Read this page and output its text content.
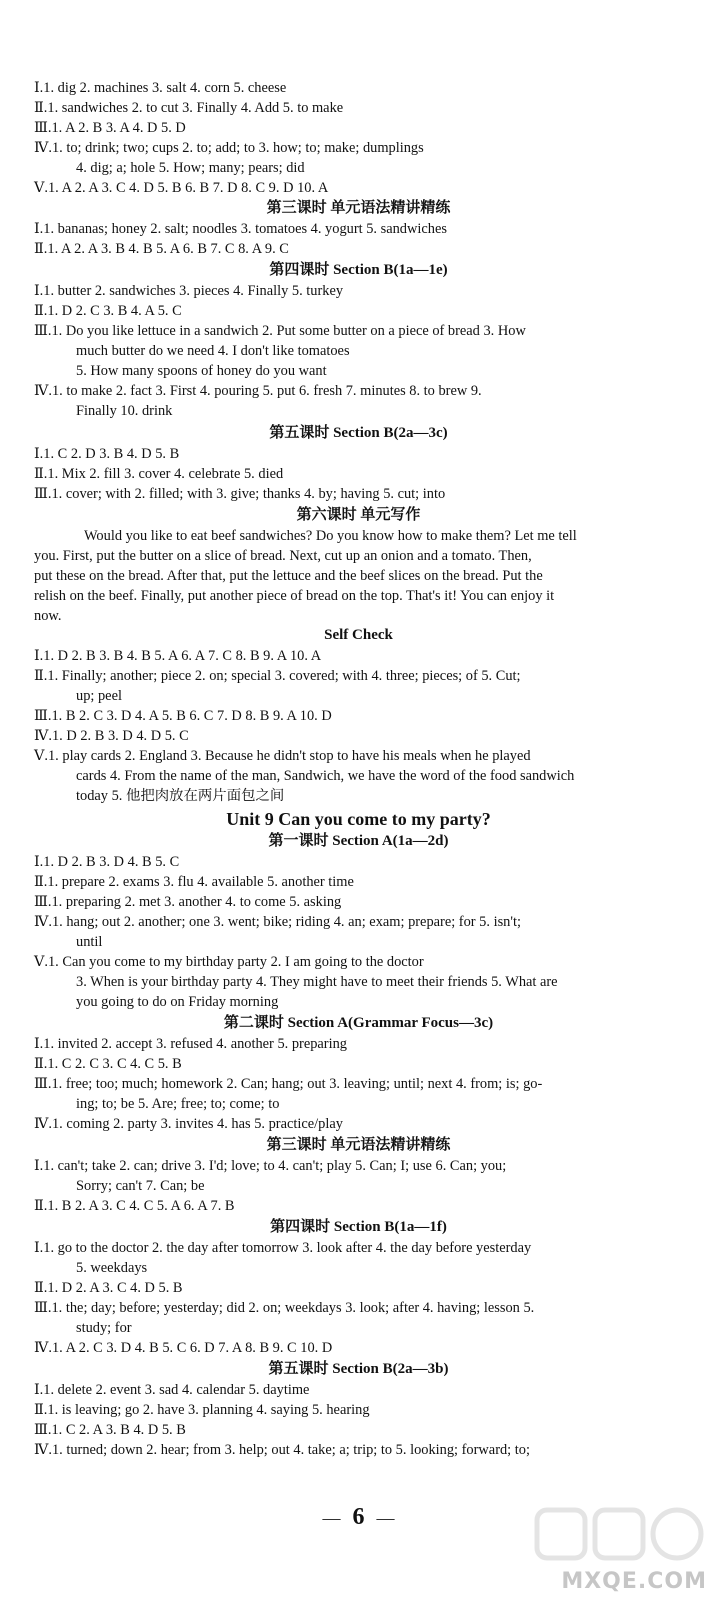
Ⅰ.1. dig 2. machines 3. salt 4. corn 5. cheese
Ⅱ.1. sandwiches 2. to cut 3. Finally 4. Add 5. to make
Ⅲ.1. A 2. B 3. A 4. D 5. D
Ⅳ.1. to; drink; two; cups 2. to; add; to 3. how; to; make; dumplings
4. dig; a; hole 5. How; many; pears; did
Ⅴ.1. A 2. A 3. C 4. D 5. B 6. B 7. D 8. C 9. D 10. A
第三课时 单元语法精讲精练
Ⅰ.1. bananas; honey 2. salt; noodles 3. tomatoes 4. yogurt 5. sandwiches
Ⅱ.1. A 2. A 3. B 4. B 5. A 6. B 7. C 8. A 9. C
第四课时 Section B(1a—1e)
Ⅰ.1. butter 2. sandwiches 3. pieces 4. Finally 5. turkey
Ⅱ.1. D 2. C 3. B 4. A 5. C
Ⅲ.1. Do you like lettuce in a sandwich 2. Put some butter on a piece of bread 3. How
much butter do we need 4. I don't like tomatoes
5. How many spoons of honey do you want
Ⅳ.1. to make 2. fact 3. First 4. pouring 5. put 6. fresh 7. minutes 8. to brew 9.
Finally 10. drink
第五课时 Section B(2a—3c)
Ⅰ.1. C 2. D 3. B 4. D 5. B
Ⅱ.1. Mix 2. fill 3. cover 4. celebrate 5. died
Ⅲ.1. cover; with 2. filled; with 3. give; thanks 4. by; having 5. cut; into
第六课时 单元写作
Would you like to eat beef sandwiches? Do you know how to make them? Let me tell
you. First, put the butter on a slice of bread. Next, cut up an onion and a tomato. Then,
put these on the bread. After that, put the lettuce and the beef slices on the bread. Put the
relish on the beef. Finally, put another piece of bread on the top. That's it! You can enjoy it
now.
Self Check
Ⅰ.1. D 2. B 3. B 4. B 5. A 6. A 7. C 8. B 9. A 10. A
Ⅱ.1. Finally; another; piece 2. on; special 3. covered; with 4. three; pieces; of 5. Cut;
up; peel
Ⅲ.1. B 2. C 3. D 4. A 5. B 6. C 7. D 8. B 9. A 10. D
Ⅳ.1. D 2. B 3. D 4. D 5. C
Ⅴ.1. play cards 2. England 3. Because he didn't stop to have his meals when he played
cards 4. From the name of the man, Sandwich, we have the word of the food sandwich
today 5. 他把肉放在两片面包之间
Unit 9 Can you come to my party?
第一课时 Section A(1a—2d)
Ⅰ.1. D 2. B 3. D 4. B 5. C
Ⅱ.1. prepare 2. exams 3. flu 4. available 5. another time
Ⅲ.1. preparing 2. met 3. another 4. to come 5. asking
Ⅳ.1. hang; out 2. another; one 3. went; bike; riding 4. an; exam; prepare; for 5. isn't;
until
Ⅴ.1. Can you come to my birthday party 2. I am going to the doctor
3. When is your birthday party 4. They might have to meet their friends 5. What are
you going to do on Friday morning
第二课时 Section A(Grammar Focus—3c)
Ⅰ.1. invited 2. accept 3. refused 4. another 5. preparing
Ⅱ.1. C 2. C 3. C 4. C 5. B
Ⅲ.1. free; too; much; homework 2. Can; hang; out 3. leaving; until; next 4. from; is; go-
ing; to; be 5. Are; free; to; come; to
Ⅳ.1. coming 2. party 3. invites 4. has 5. practice/play
第三课时 单元语法精讲精练
Ⅰ.1. can't; take 2. can; drive 3. I'd; love; to 4. can't; play 5. Can; I; use 6. Can; you;
Sorry; can't 7. Can; be
Ⅱ.1. B 2. A 3. C 4. C 5. A 6. A 7. B
第四课时 Section B(1a—1f)
Ⅰ.1. go to the doctor 2. the day after tomorrow 3. look after 4. the day before yesterday
5. weekdays
Ⅱ.1. D 2. A 3. C 4. D 5. B
Ⅲ.1. the; day; before; yesterday; did 2. on; weekdays 3. look; after 4. having; lesson 5.
study; for
Ⅳ.1. A 2. C 3. D 4. B 5. C 6. D 7. A 8. B 9. C 10. D
第五课时 Section B(2a—3b)
Ⅰ.1. delete 2. event 3. sad 4. calendar 5. daytime
Ⅱ.1. is leaving; go 2. have 3. planning 4. saying 5. hearing
Ⅲ.1. C 2. A 3. B 4. D 5. B
Ⅳ.1. turned; down 2. hear; from 3. help; out 4. take; a; trip; to 5. looking; forward; to;
— 6 —
MXQE.COM
